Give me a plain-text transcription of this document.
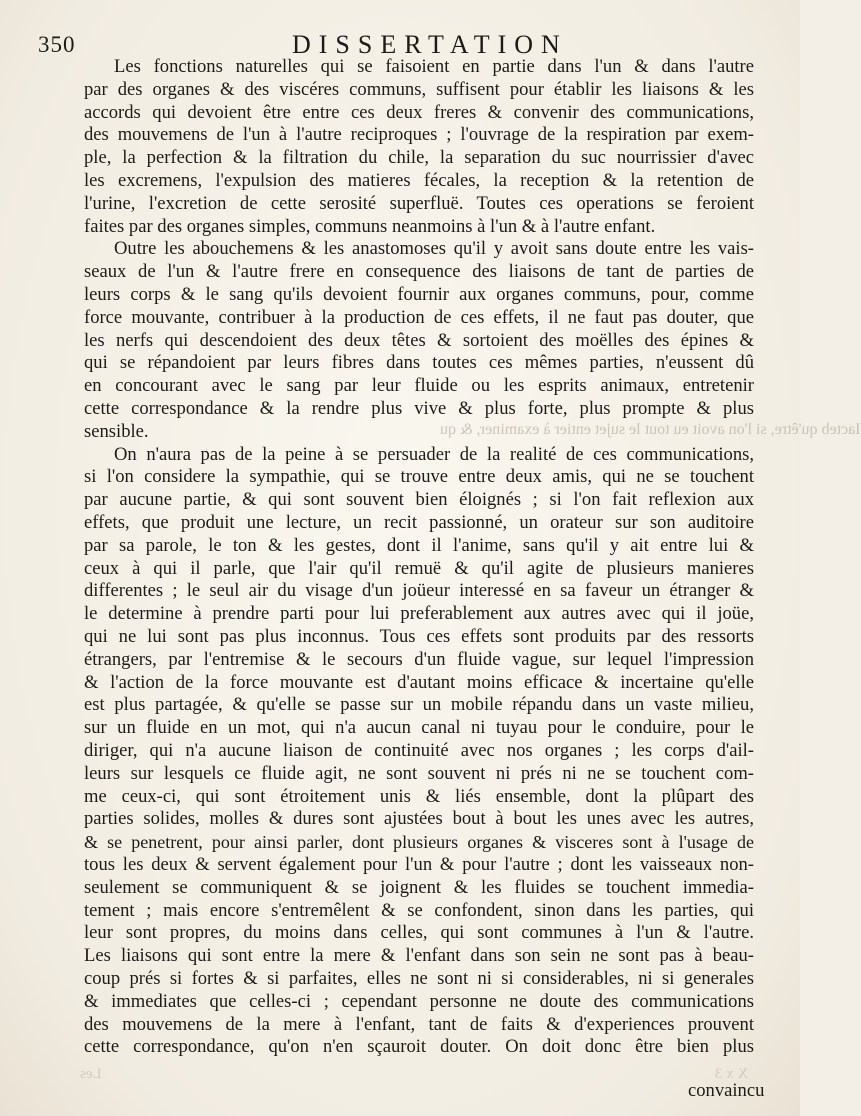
350	DISSERTATION
Iacteb qu'être, si l'on avoit eu tout le sujet entier à examiner, & qu
Les fonctions naturelles qui se faisoient en partie dans l'un & dans l'autre
par des organes & des viscéres communs, suffisent pour établir les liaisons & les
accords qui devoient être entre ces deux freres & convenir des communications,
des mouvemens de l'un à l'autre reciproques ; l'ouvrage de la respiration par exem-
ple, la perfection & la filtration du chile, la separation du suc nourrissier d'avec
les excremens, l'expulsion des matieres fécales, la reception & la retention de
l'urine, l'excretion de cette serosité superfluë. Toutes ces operations se feroient
faites par des organes simples, communs neanmoins à l'un & à l'autre enfant.
Outre les abouchemens & les anastomoses qu'il y avoit sans doute entre les vais-
seaux de l'un & l'autre frere en consequence des liaisons de tant de parties de
leurs corps & le sang qu'ils devoient fournir aux organes communs, pour, comme
force mouvante, contribuer à la production de ces effets, il ne faut pas douter, que
les nerfs qui descendoient des deux têtes & sortoient des moëlles des épines &
qui se répandoient par leurs fibres dans toutes ces mêmes parties, n'eussent dû
en concourant avec le sang par leur fluide ou les esprits animaux, entretenir
cette correspondance & la rendre plus vive & plus forte, plus prompte & plus
sensible.
On n'aura pas de la peine à se persuader de la realité de ces communications,
si l'on considere la sympathie, qui se trouve entre deux amis, qui ne se touchent
par aucune partie, & qui sont souvent bien éloignés ; si l'on fait reflexion aux
effets, que produit une lecture, un recit passionné, un orateur sur son auditoire
par sa parole, le ton & les gestes, dont il l'anime, sans qu'il y ait entre lui &
ceux à qui il parle, que l'air qu'il remuë & qu'il agite de plusieurs manieres
differentes ; le seul air du visage d'un joüeur interessé en sa faveur un étranger &
le determine à prendre parti pour lui preferablement aux autres avec qui il joüe,
qui ne lui sont pas plus inconnus. Tous ces effets sont produits par des ressorts
étrangers, par l'entremise & le secours d'un fluide vague, sur lequel l'impression
& l'action de la force mouvante est d'autant moins efficace & incertaine qu'elle
est plus partagée, & qu'elle se passe sur un mobile répandu dans un vaste milieu,
sur un fluide en un mot, qui n'a aucun canal ni tuyau pour le conduire, pour le
diriger, qui n'a aucune liaison de continuité avec nos organes ; les corps d'ail-
leurs sur lesquels ce fluide agit, ne sont souvent ni prés ni ne se touchent com-
me ceux-ci, qui sont étroitement unis & liés ensemble, dont la plûpart des
parties solides, molles & dures sont ajustées bout à bout les unes avec les autres,
& se penetrent, pour ainsi parler, dont plusieurs organes & visceres sont à l'usage de
tous les deux & servent également pour l'un & pour l'autre ; dont les vaisseaux non-
seulement se communiquent & se joignent & les fluides se touchent immedia-
tement ; mais encore s'entremêlent & se confondent, sinon dans les parties, qui
leur sont propres, du moins dans celles, qui sont communes à l'un & l'autre.
Les liaisons qui sont entre la mere & l'enfant dans son sein ne sont pas à beau-
coup prés si fortes & si parfaites, elles ne sont ni si considerables, ni si generales
& immediates que celles-ci ; cependant personne ne doute des communications
des mouvemens de la mere à l'enfant, tant de faits & d'experiences prouvent
cette correspondance, qu'on n'en sçauroit douter. On doit donc être bien plus
Les	X x 3
convaincu
